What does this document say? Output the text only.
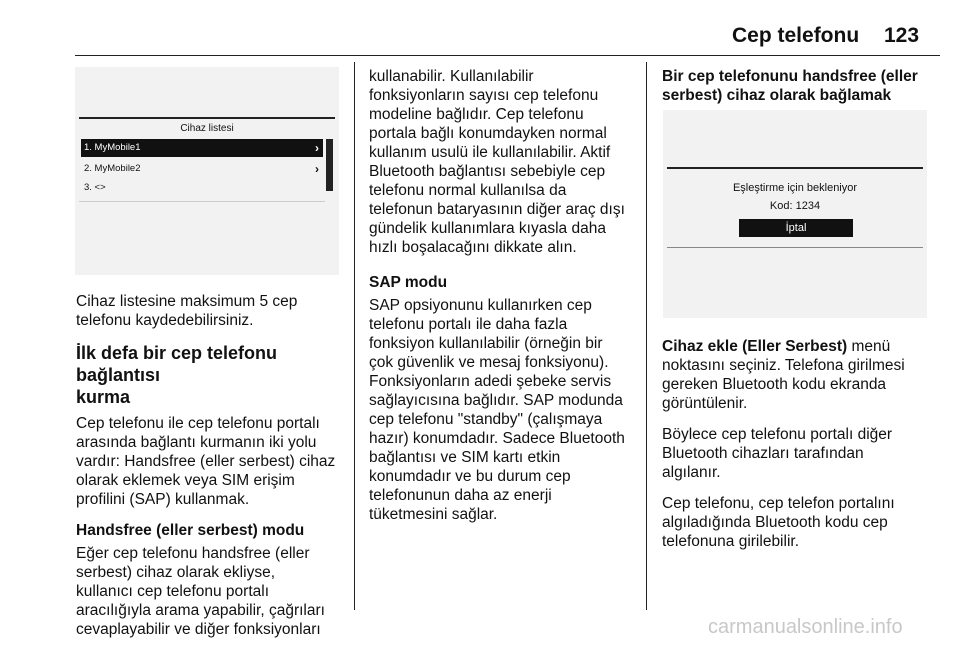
Cep telefonu 123
Cihaz listesi
1. MyMobile1	›
2. MyMobile2	›
3. <>

Cihaz listesine maksimum 5 cep
telefonu kaydedebilirsiniz.

İlk defa bir cep telefonu bağlantısı
kurma

Cep telefonu ile cep telefonu portalı
arasında bağlantı kurmanın iki yolu
vardır: Handsfree (eller serbest) cihaz
olarak eklemek veya SIM erişim
profilini (SAP) kullanmak.

Handsfree (eller serbest) modu

Eğer cep telefonu handsfree (eller
serbest) cihaz olarak ekliyse,
kullanıcı cep telefonu portalı
aracılığıyla arama yapabilir, çağrıları
cevaplayabilir ve diğer fonksiyonları

kullanabilir. Kullanılabilir
fonksiyonların sayısı cep telefonu
modeline bağlıdır. Cep telefonu
portala bağlı konumdayken normal
kullanım usulü ile kullanılabilir. Aktif
Bluetooth bağlantısı sebebiyle cep
telefonu normal kullanılsa da
telefonun bataryasının diğer araç dışı
gündelik kullanımlara kıyasla daha
hızlı boşalacağını dikkate alın.

SAP modu

SAP opsiyonunu kullanırken cep
telefonu portalı ile daha fazla
fonksiyon kullanılabilir (örneğin bir
çok güvenlik ve mesaj fonksiyonu).
Fonksiyonların adedi şebeke servis
sağlayıcısına bağlıdır. SAP modunda
cep telefonu "standby" (çalışmaya
hazır) konumdadır. Sadece Bluetooth
bağlantısı ve SIM kartı etkin
konumdadır ve bu durum cep
telefonunun daha az enerji
tüketmesini sağlar.

Bir cep telefonunu handsfree (eller
serbest) cihaz olarak bağlamak
Eşleştirme için bekleniyor
Kod: 1234
İptal

Cihaz ekle (Eller Serbest) menü
noktasını seçiniz. Telefona girilmesi
gereken Bluetooth kodu ekranda
görüntülenir.

Böylece cep telefonu portalı diğer
Bluetooth cihazları tarafından
algılanır.

Cep telefonu, cep telefon portalını
algıladığında Bluetooth kodu cep
telefonuna girilebilir.

carmanualsonline.info
